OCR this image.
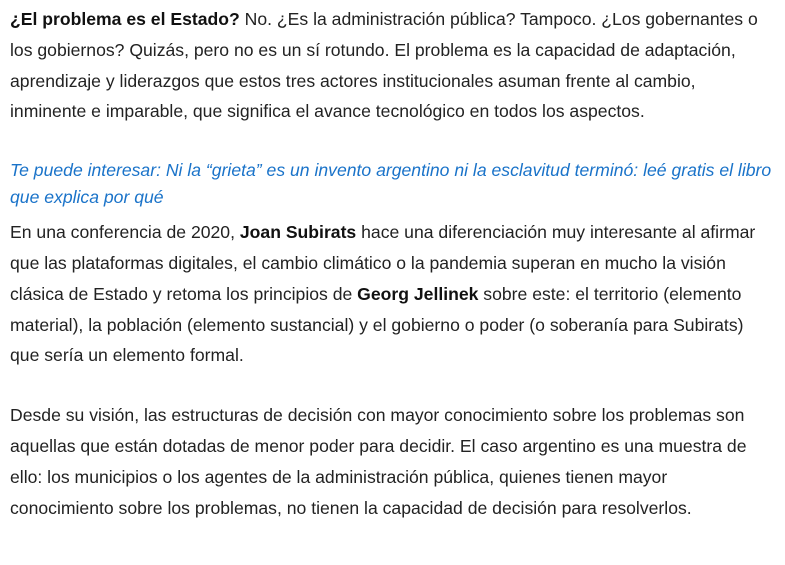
¿El problema es el Estado? No. ¿Es la administración pública? Tampoco. ¿Los gobernantes o los gobiernos? Quizás, pero no es un sí rotundo. El problema es la capacidad de adaptación, aprendizaje y liderazgos que estos tres actores institucionales asuman frente al cambio, inminente e imparable, que significa el avance tecnológico en todos los aspectos.

Te puede interesar: Ni la “grieta” es un invento argentino ni la esclavitud terminó: leé gratis el libro que explica por qué

En una conferencia de 2020, Joan Subirats hace una diferenciación muy interesante al afirmar que las plataformas digitales, el cambio climático o la pandemia superan en mucho la visión clásica de Estado y retoma los principios de Georg Jellinek sobre este: el territorio (elemento material), la población (elemento sustancial) y el gobierno o poder (o soberanía para Subirats) que sería un elemento formal.

Desde su visión, las estructuras de decisión con mayor conocimiento sobre los problemas son aquellas que están dotadas de menor poder para decidir. El caso argentino es una muestra de ello: los municipios o los agentes de la administración pública, quienes tienen mayor conocimiento sobre los problemas, no tienen la capacidad de decisión para resolverlos.
